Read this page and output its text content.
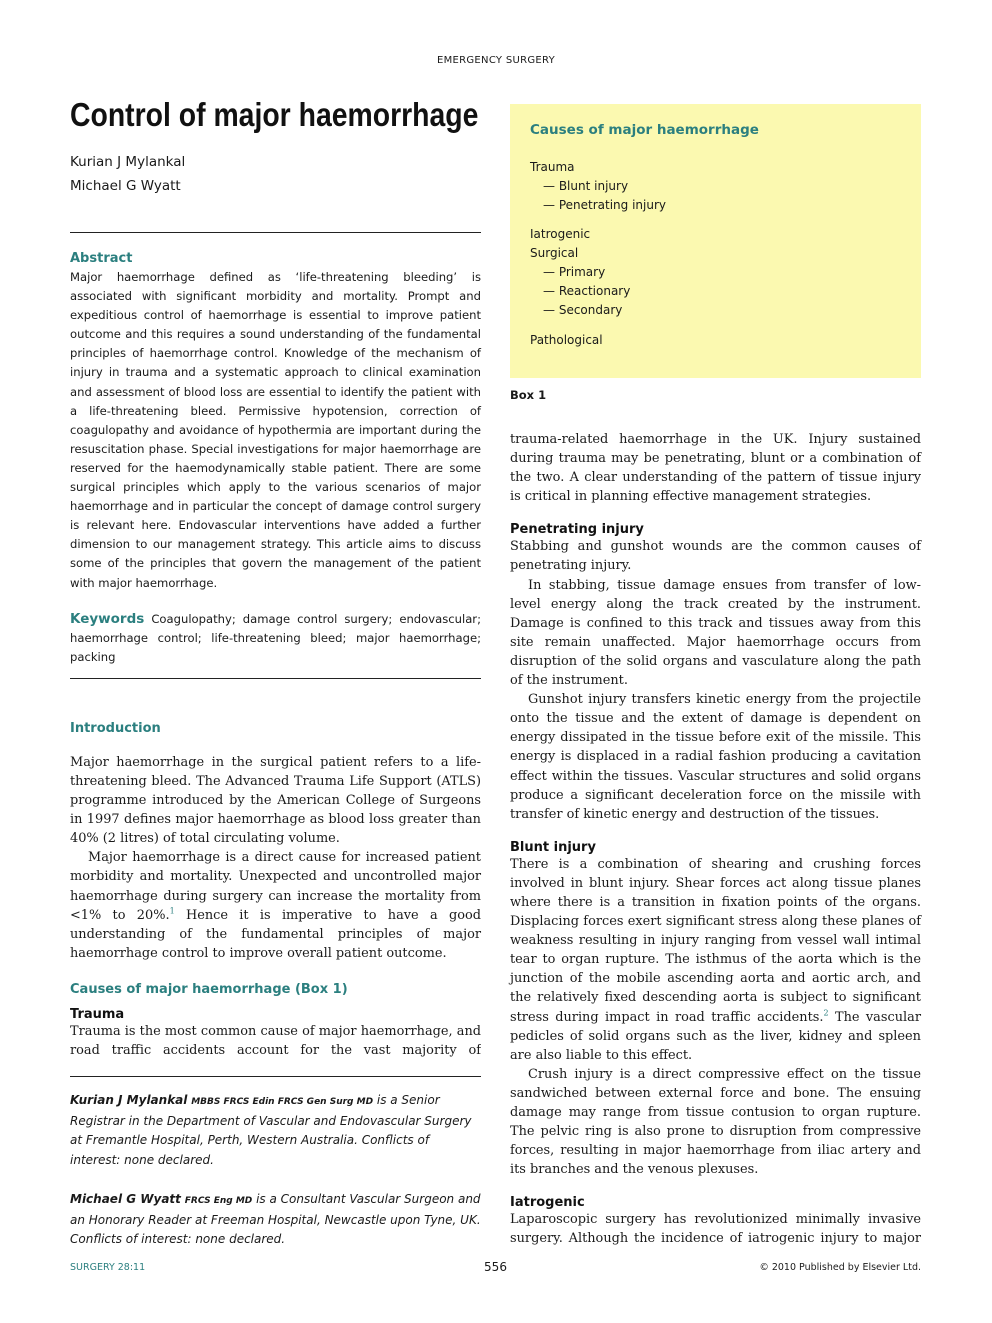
EMERGENCY SURGERY
Control of major haemorrhage
Kurian J Mylankal
Michael G Wyatt
Abstract

Major haemorrhage defined as ‘life-threatening bleeding’ is associated with significant morbidity and mortality. Prompt and expeditious control of haemorrhage is essential to improve patient outcome and this requires a sound understanding of the fundamental principles of haemorrhage control. Knowledge of the mechanism of injury in trauma and a systematic approach to clinical examination and assessment of blood loss are essential to identify the patient with a life-threatening bleed. Permissive hypotension, correction of coagulopathy and avoidance of hypothermia are important during the resuscitation phase. Special investigations for major haemorrhage are reserved for the haemodynamically stable patient. There are some surgical principles which apply to the various scenarios of major haemorrhage and in particular the concept of damage control surgery is relevant here. Endovascular interventions have added a further dimension to our management strategy. This article aims to discuss some of the principles that govern the management of the patient with major haemorrhage.

Keywords Coagulopathy; damage control surgery; endovascular; haemorrhage control; life-threatening bleed; major haemorrhage; packing

Introduction

Major haemorrhage in the surgical patient refers to a life-threatening bleed. The Advanced Trauma Life Support (ATLS) programme introduced by the American College of Surgeons in 1997 defines major haemorrhage as blood loss greater than 40% (2 litres) of total circulating volume.

Major haemorrhage is a direct cause for increased patient morbidity and mortality. Unexpected and uncontrolled major haemorrhage during surgery can increase the mortality from <1% to 20%.$^1$ Hence it is imperative to have a good understanding of the fundamental principles of major haemorrhage control to improve overall patient outcome.

Causes of major haemorrhage (Box 1)
Trauma

Trauma is the most common cause of major haemorrhage, and road traffic accidents account for the vast majority of

Kurian J Mylankal MBBS FRCS Edin FRCS Gen Surg MD is a Senior Registrar in the Department of Vascular and Endovascular Surgery at Fremantle Hospital, Perth, Western Australia. Conflicts of interest: none declared.

Michael G Wyatt FRCS Eng MD is a Consultant Vascular Surgeon and an Honorary Reader at Freeman Hospital, Newcastle upon Tyne, UK. Conflicts of interest: none declared.

Causes of major haemorrhage
Trauma
— Blunt injury
— Penetrating injury
Iatrogenic
Surgical
— Primary
— Reactionary
— Secondary
Pathological
Box 1

trauma-related haemorrhage in the UK. Injury sustained during trauma may be penetrating, blunt or a combination of the two. A clear understanding of the pattern of tissue injury is critical in planning effective management strategies.

Penetrating injury

Stabbing and gunshot wounds are the common causes of penetrating injury.

In stabbing, tissue damage ensues from transfer of low-level energy along the track created by the instrument. Damage is confined to this track and tissues away from this site remain unaffected. Major haemorrhage occurs from disruption of the solid organs and vasculature along the path of the instrument.

Gunshot injury transfers kinetic energy from the projectile onto the tissue and the extent of damage is dependent on energy dissipated in the tissue before exit of the missile. This energy is displaced in a radial fashion producing a cavitation effect within the tissues. Vascular structures and solid organs produce a significant deceleration force on the missile with transfer of kinetic energy and destruction of the tissues.

Blunt injury

There is a combination of shearing and crushing forces involved in blunt injury. Shear forces act along tissue planes where there is a transition in fixation points of the organs. Displacing forces exert significant stress along these planes of weakness resulting in injury ranging from vessel wall intimal tear to organ rupture. The isthmus of the aorta which is the junction of the mobile ascending aorta and aortic arch, and the relatively fixed descending aorta is subject to significant stress during impact in road traffic accidents.$^2$ The vascular pedicles of solid organs such as the liver, kidney and spleen are also liable to this effect.

Crush injury is a direct compressive effect on the tissue sandwiched between external force and bone. The ensuing damage may range from tissue contusion to organ rupture. The pelvic ring is also prone to disruption from compressive forces, resulting in major haemorrhage from iliac artery and its branches and the venous plexuses.

Iatrogenic

Laparoscopic surgery has revolutionized minimally invasive surgery. Although the incidence of iatrogenic injury to major

556
SURGERY 28:11	© 2010 Published by Elsevier Ltd.
